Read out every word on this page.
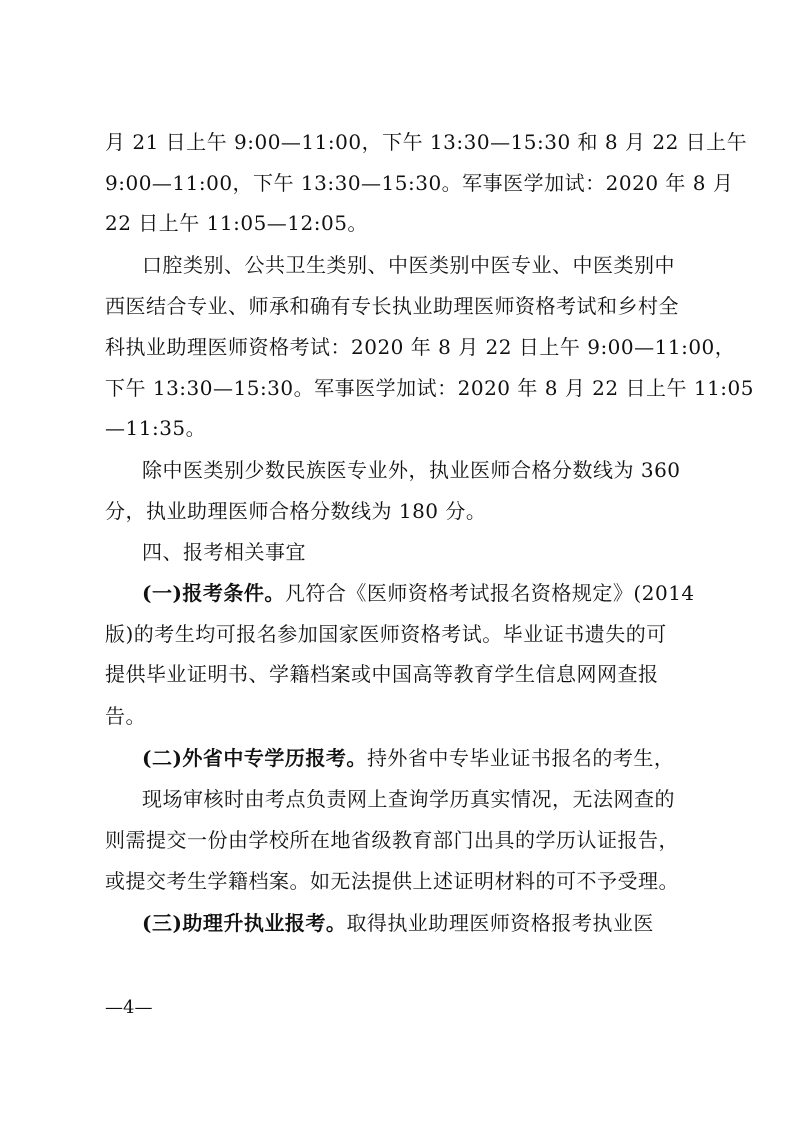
月 21 日上午 9:00—11:00，下午 13:30—15:30 和 8 月 22 日上午
9:00—11:00，下午 13:30—15:30。军事医学加试：2020 年 8 月
22 日上午 11:05—12:05。
口腔类别、公共卫生类别、中医类别中医专业、中医类别中
西医结合专业、师承和确有专长执业助理医师资格考试和乡村全
科执业助理医师资格考试：2020 年 8 月 22 日上午 9:00—11:00，
下午 13:30—15:30。军事医学加试：2020 年 8 月 22 日上午 11:05
—11:35。
除中医类别少数民族医专业外，执业医师合格分数线为 360
分，执业助理医师合格分数线为 180 分。
四、报考相关事宜
(一)报考条件。凡符合《医师资格考试报名资格规定》(2014
版)的考生均可报名参加国家医师资格考试。毕业证书遗失的可
提供毕业证明书、学籍档案或中国高等教育学生信息网网查报
告。
(二)外省中专学历报考。持外省中专毕业证书报名的考生，
现场审核时由考点负责网上查询学历真实情况，无法网查的
则需提交一份由学校所在地省级教育部门出具的学历认证报告，
或提交考生学籍档案。如无法提供上述证明材料的可不予受理。
(三)助理升执业报考。取得执业助理医师资格报考执业医
—4—
